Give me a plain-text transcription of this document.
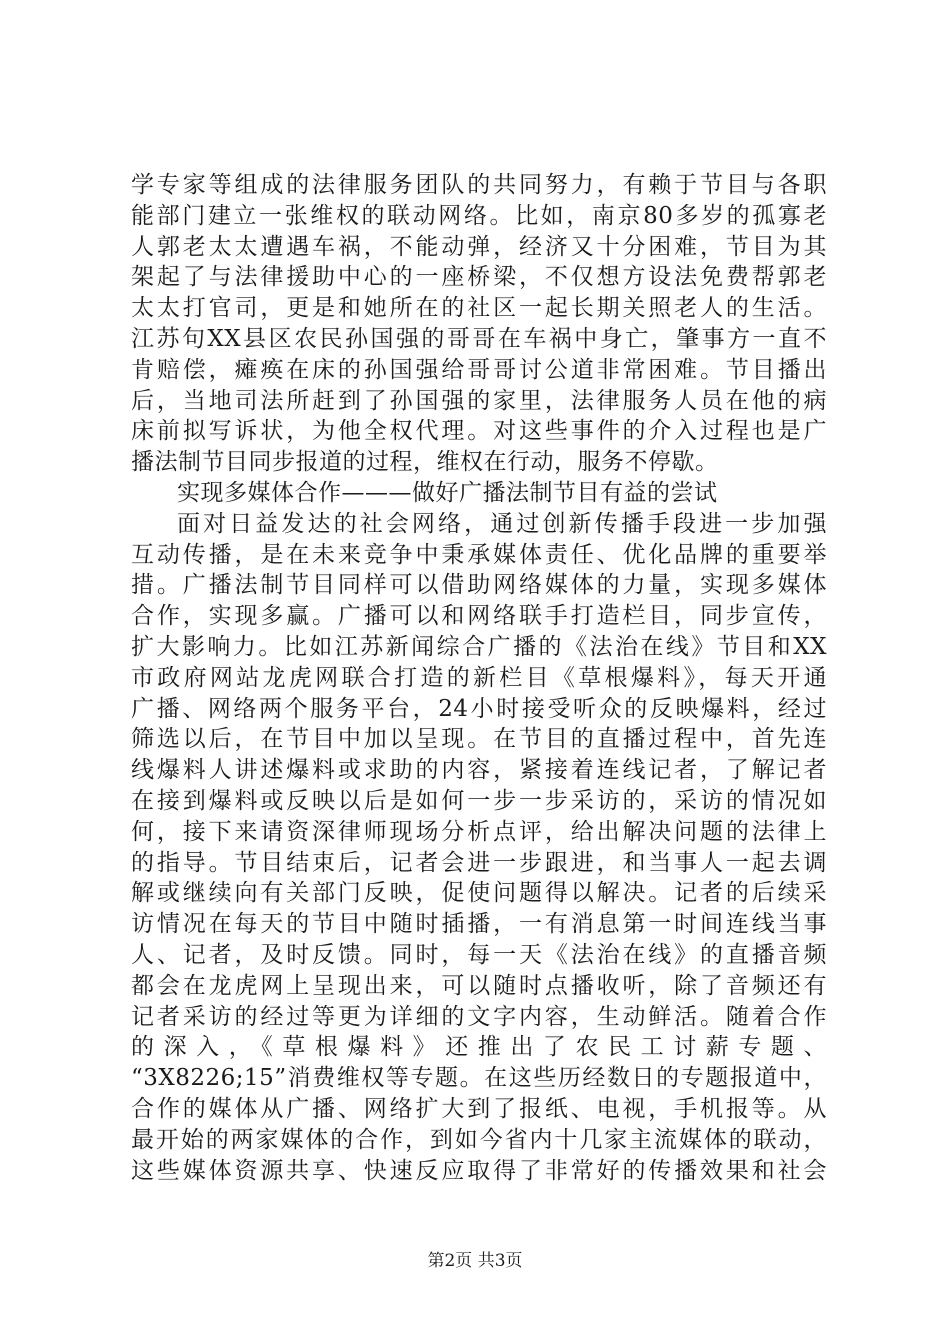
学专家等组成的法律服务团队的共同努力，有赖于节目与各职
能部门建立一张维权的联动网络。比如，南京80多岁的孤寡老
人郭老太太遭遇车祸，不能动弹，经济又十分困难，节目为其
架起了与法律援助中心的一座桥梁，不仅想方设法免费帮郭老
太太打官司，更是和她所在的社区一起长期关照老人的生活。
江苏句XX县区农民孙国强的哥哥在车祸中身亡，肇事方一直不
肯赔偿，瘫痪在床的孙国强给哥哥讨公道非常困难。节目播出
后，当地司法所赶到了孙国强的家里，法律服务人员在他的病
床前拟写诉状，为他全权代理。对这些事件的介入过程也是广
播法制节目同步报道的过程，维权在行动，服务不停歇。
实现多媒体合作———做好广播法制节目有益的尝试
面对日益发达的社会网络，通过创新传播手段进一步加强
互动传播，是在未来竞争中秉承媒体责任、优化品牌的重要举
措。广播法制节目同样可以借助网络媒体的力量，实现多媒体
合作，实现多赢。广播可以和网络联手打造栏目，同步宣传，
扩大影响力。比如江苏新闻综合广播的《法治在线》节目和XX
市政府网站龙虎网联合打造的新栏目《草根爆料》，每天开通
广播、网络两个服务平台，24小时接受听众的反映爆料，经过
筛选以后，在节目中加以呈现。在节目的直播过程中，首先连
线爆料人讲述爆料或求助的内容，紧接着连线记者，了解记者
在接到爆料或反映以后是如何一步一步采访的，采访的情况如
何，接下来请资深律师现场分析点评，给出解决问题的法律上
的指导。节目结束后，记者会进一步跟进，和当事人一起去调
解或继续向有关部门反映，促使问题得以解决。记者的后续采
访情况在每天的节目中随时插播，一有消息第一时间连线当事
人、记者，及时反馈。同时，每一天《法治在线》的直播音频
都会在龙虎网上呈现出来，可以随时点播收听，除了音频还有
记者采访的经过等更为详细的文字内容，生动鲜活。随着合作
的深入，《草根爆料》还推出了农民工讨薪专题、
“3X8226;15”消费维权等专题。在这些历经数日的专题报道中，
合作的媒体从广播、网络扩大到了报纸、电视，手机报等。从
最开始的两家媒体的合作，到如今省内十几家主流媒体的联动，
这些媒体资源共享、快速反应取得了非常好的传播效果和社会
第2页 共3页
